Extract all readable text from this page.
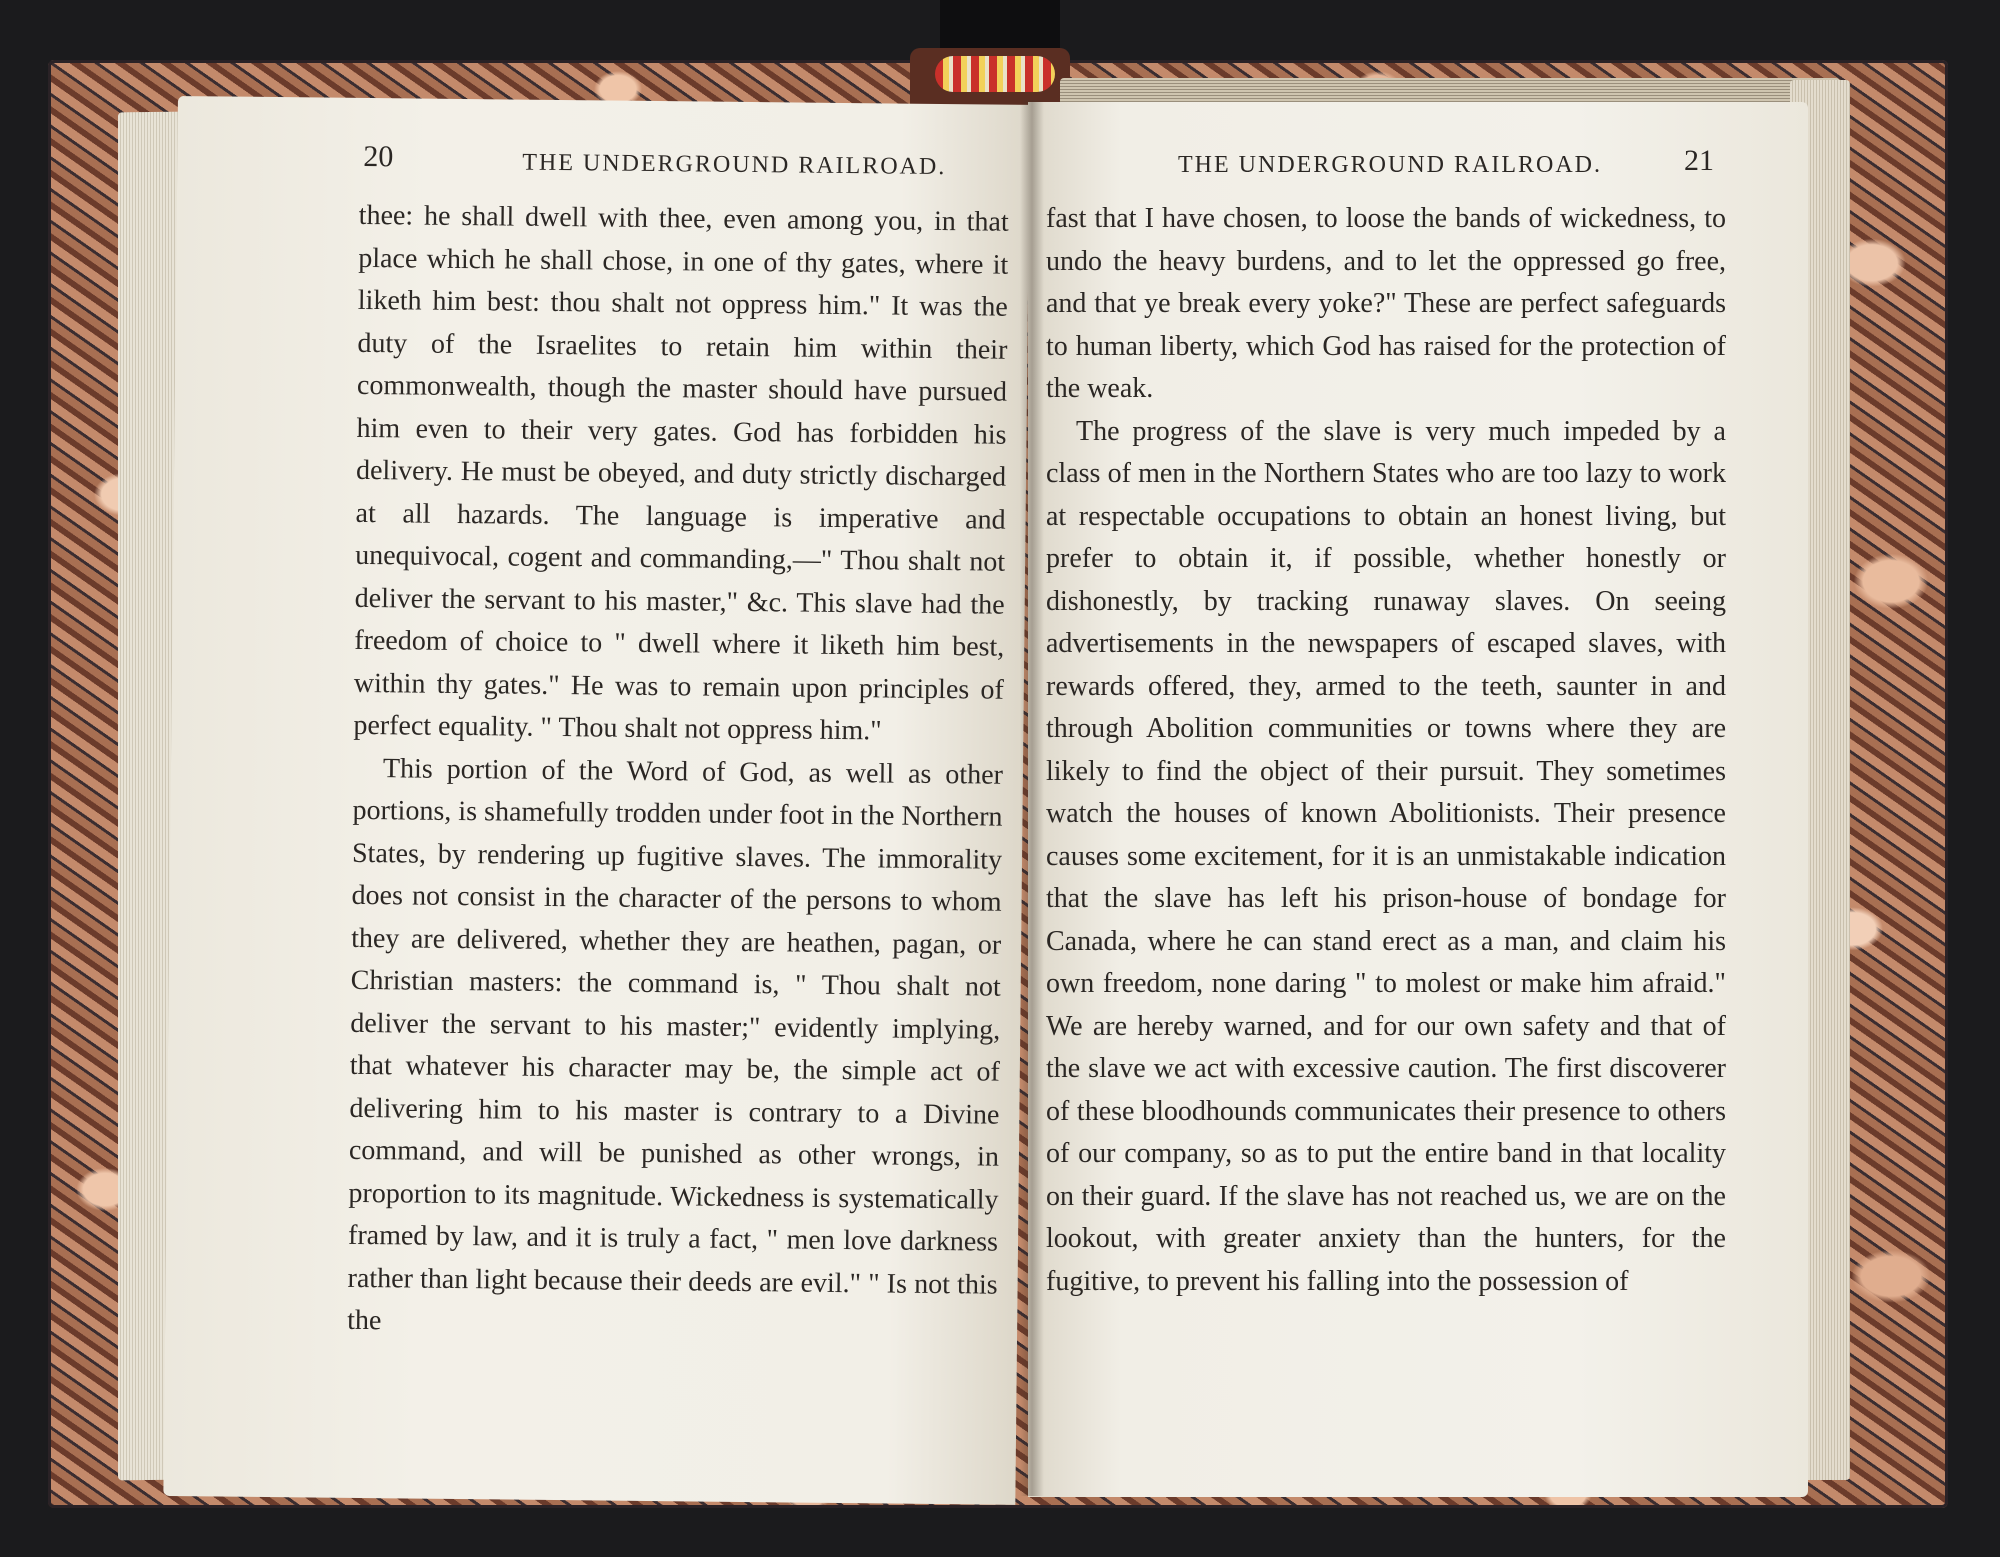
20	THE UNDERGROUND RAILROAD.

thee: he shall dwell with thee, even among you, in that place which he shall chose, in one of thy gates, where it liketh him best: thou shalt not oppress him." It was the duty of the Israelites to retain him within their commonwealth, though the master should have pursued him even to their very gates. God has forbidden his delivery. He must be obeyed, and duty strictly discharged at all hazards. The language is imperative and unequivocal, cogent and commanding,—" Thou shalt not deliver the servant to his master," &c. This slave had the freedom of choice to " dwell where it liketh him best, within thy gates." He was to remain upon principles of perfect equality. " Thou shalt not oppress him."

This portion of the Word of God, as well as other portions, is shamefully trodden under foot in the Northern States, by rendering up fugitive slaves. The immorality does not consist in the character of the persons to whom they are delivered, whether they are heathen, pagan, or Christian masters: the command is, " Thou shalt not deliver the servant to his master;" evidently implying, that whatever his character may be, the simple act of delivering him to his master is contrary to a Divine command, and will be punished as other wrongs, in proportion to its magnitude. Wickedness is systematically framed by law, and it is truly a fact, " men love darkness rather than light because their deeds are evil." " Is not this the

THE UNDERGROUND RAILROAD.	21

fast that I have chosen, to loose the bands of wickedness, to undo the heavy burdens, and to let the oppressed go free, and that ye break every yoke?" These are perfect safeguards to human liberty, which God has raised for the protection of the weak.

The progress of the slave is very much impeded by a class of men in the Northern States who are too lazy to work at respectable occupations to obtain an honest living, but prefer to obtain it, if possible, whether honestly or dishonestly, by tracking runaway slaves. On seeing advertisements in the newspapers of escaped slaves, with rewards offered, they, armed to the teeth, saunter in and through Abolition communities or towns where they are likely to find the object of their pursuit. They sometimes watch the houses of known Abolitionists. Their presence causes some excitement, for it is an unmistakable indication that the slave has left his prison-house of bondage for Canada, where he can stand erect as a man, and claim his own freedom, none daring " to molest or make him afraid." We are hereby warned, and for our own safety and that of the slave we act with excessive caution. The first discoverer of these bloodhounds communicates their presence to others of our company, so as to put the entire band in that locality on their guard. If the slave has not reached us, we are on the lookout, with greater anxiety than the hunters, for the fugitive, to prevent his falling into the possession of
